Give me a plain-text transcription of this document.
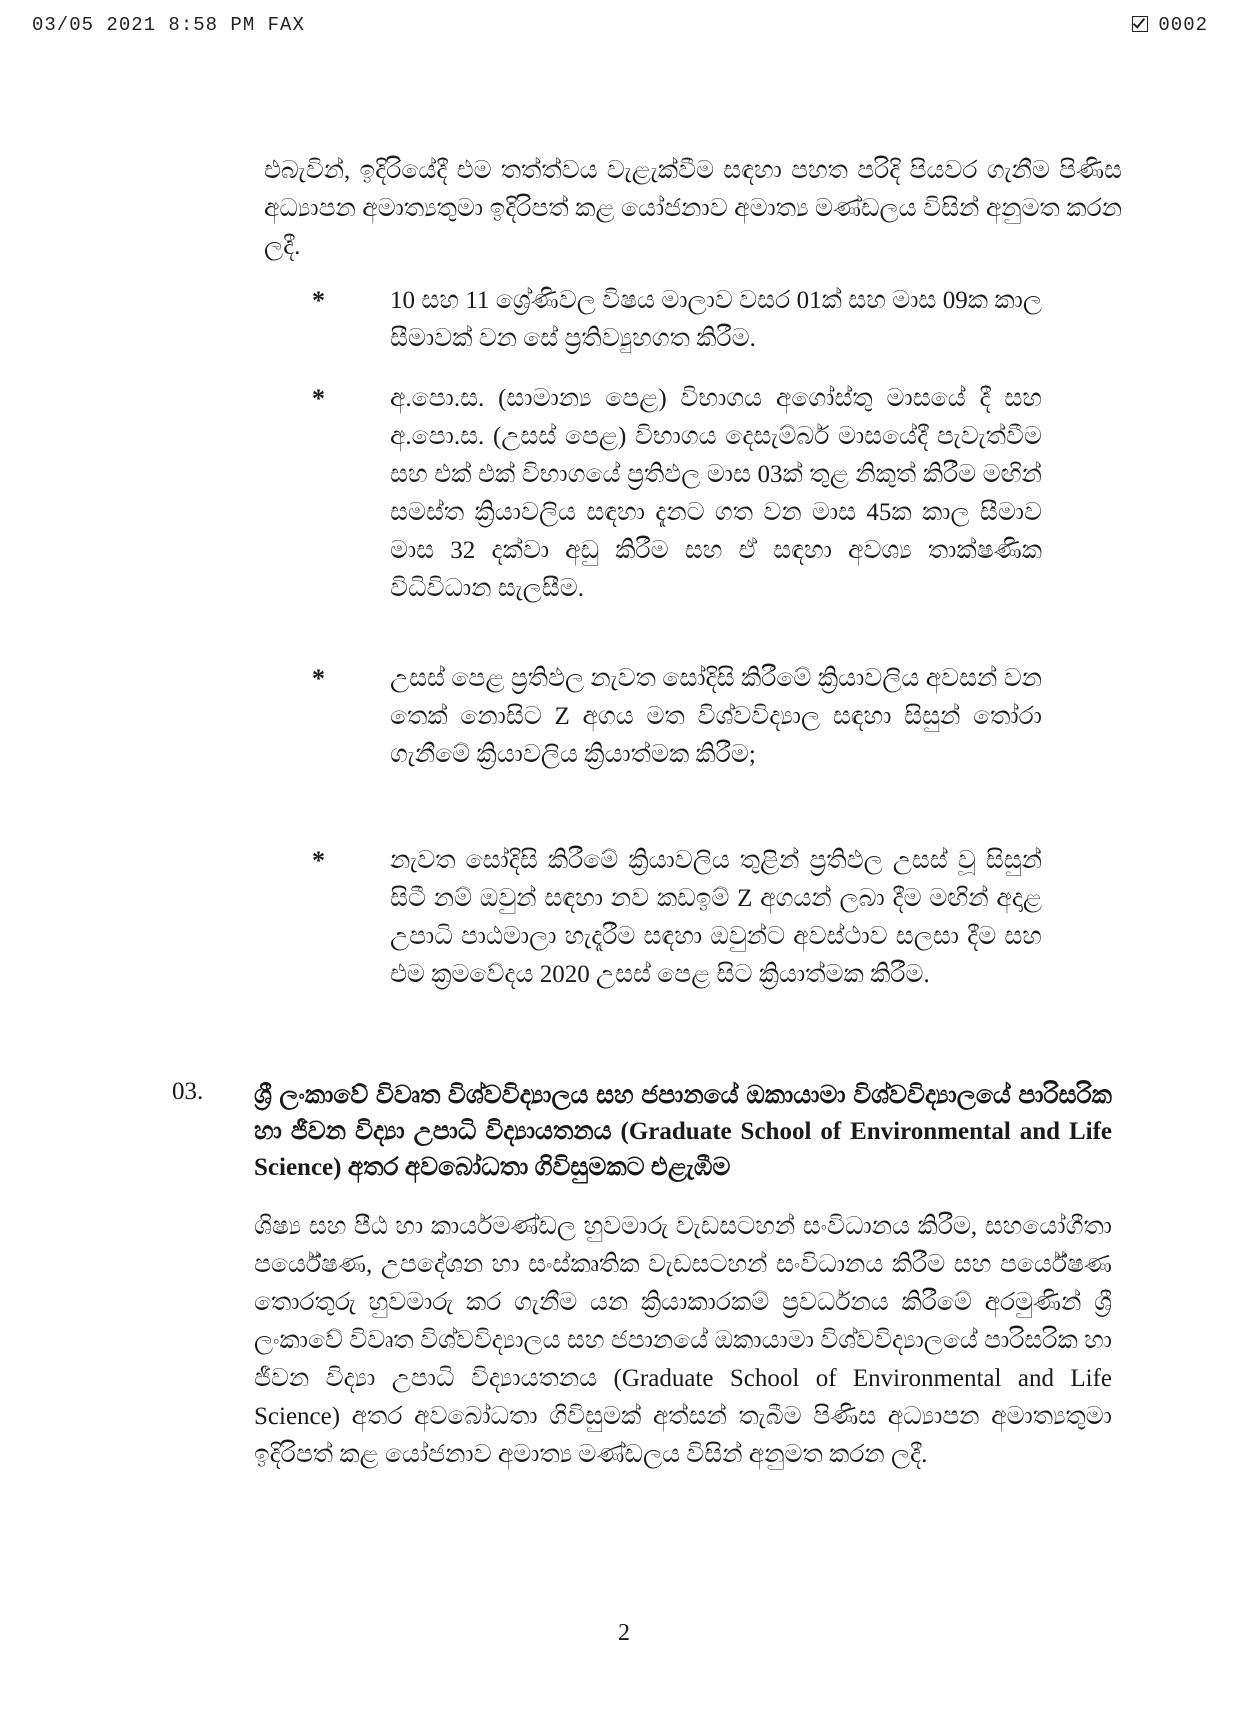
03/05 2021 8:58 PM FAX	0002
එබැවින්, ඉදිරියේදී එම තත්ත්වය වැළැක්වීම සඳහා පහත පරිදි පියවර ගැනීම පිණිස අධ්‍යාපන අමාත්‍යතුමා ඉදිරිපත් කළ යෝජනාව අමාත්‍ය මණ්ඩලය විසින් අනුමත කරන ලදී.
*	10 සහ 11 ශ්‍රේණිවල විෂය මාලාව වසර 01ක් සහ මාස 09ක කාල සීමාවක් වන සේ ප්‍රතිව්‍යුහගත කිරීම.
*	අ.පො.ස. (සාමාන්‍ය පෙළ) විභාගය අගෝස්තු මාසයේ දී සහ අ.පො.ස. (උසස් පෙළ) විභාගය දෙසැම්බර් මාසයේදී පැවැත්වීම සහ එක් එක් විභාගයේ ප්‍රතිඵල මාස 03ක් තුළ නිකුත් කිරීම මඟින් සමස්ත ක්‍රියාවලිය සඳහා දැනට ගත වන මාස 45ක කාල සීමාව මාස 32 දක්වා අඩු කිරීම සහ ඒ සඳහා අවශ්‍ය තාක්ෂණික විධිවිධාන සැලසීම.
*	උසස් පෙළ ප්‍රතිඵල නැවත සෝදිසි කිරීමේ ක්‍රියාවලිය අවසන් වන තෙක් නොසිට Z අගය මත විශ්වවිද්‍යාල සඳහා සිසුන් තෝරා ගැනීමේ ක්‍රියාවලිය ක්‍රියාත්මක කිරීම;
*	නැවත සෝදිසි කිරීමේ ක්‍රියාවලිය තුළින් ප්‍රතිඵල උසස් වූ සිසුන් සිටී නම් ඔවුන් සඳහා නව කඩඉම් Z අගයන් ලබා දීම මඟින් අදාළ උපාධි පාඨමාලා හැදෑරීම සඳහා ඔවුන්ට අවස්ථාව සලසා දීම සහ එම ක්‍රමවේදය 2020 උසස් පෙළ සිට ක්‍රියාත්මක කිරීම.
03. ශ්‍රී ලංකාවේ විවෘත විශ්වවිද්‍යාලය සහ ජපානයේ ඔකායාමා විශ්වවිද්‍යාලයේ පාරිසරික හා ජීවන විද්‍යා උපාධි විද්‍යායතනය (Graduate School of Environmental and Life Science) අතර අවබෝධතා ගිවිසුමකට එළැඹීම
ශිෂ්‍ය සහ පීඨ හා කාර්යමණ්ඩල හුවමාරු වැඩසටහන් සංවිධානය කිරීම, සහයෝගීතා පර්යේෂණ, උපදේශන හා සංස්කෘතික වැඩසටහන් සංවිධානය කිරීම සහ පර්යේෂණ තොරතුරු හුවමාරු කර ගැනීම යන ක්‍රියාකාරකම් ප්‍රවර්ධනය කිරීමේ අරමුණින් ශ්‍රී ලංකාවේ විවෘත විශ්වවිද්‍යාලය සහ ජපානයේ ඔකායාමා විශ්වවිද්‍යාලයේ පාරිසරික හා ජීවන විද්‍යා උපාධි විද්‍යායතනය (Graduate School of Environmental and Life Science) අතර අවබෝධතා ගිවිසුමක් අත්සන් තැබීම පිණිස අධ්‍යාපන අමාත්‍යතුමා ඉදිරිපත් කළ යෝජනාව අමාත්‍ය මණ්ඩලය විසින් අනුමත කරන ලදී.
2
